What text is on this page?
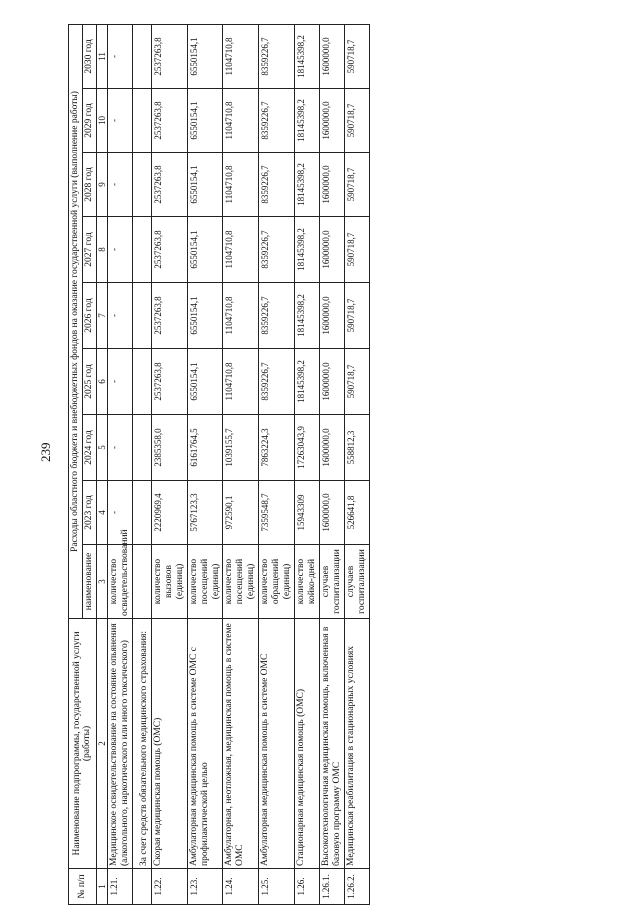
239
№ п/п	Наименование подпрограммы, государственной услуги (работы)	Расходы областного бюджета и внебюджетных фондов на оказание государственной услуги (выполнение работы)								
		наименование	2023 год	2024 год	2025 год	2026 год	2027 год	2028 год	2029 год	2030 год
1	2	3	4	5	6	7	8	9	10	11
1.21.	Медицинское освидетельствование на состояние опьянения (алкогольного, наркотического или иного токсического)	количество освидетельствований	-	-	-	-	-	-	-	-
	За счет средств обязательного медицинского страхования:									
1.22.	Скорая медицинская помощь (ОМС)	количество вызовов (единиц)	2220969,4	2385358,0	2537263,8	2537263,8	2537263,8	2537263,8	2537263,8	2537263,8
1.23.	Амбулаторная медицинская помощь в системе ОМС с профилактической целью	количество посещений (единиц)	5767123,3	6161764,5	6550154,1	6550154,1	6550154,1	6550154,1	6550154,1	6550154,1
1.24.	Амбулаторная, неотложная, медицинская помощь в системе ОМС	количество посещений (единиц)	972590,1	1039155,7	1104710,8	1104710,8	1104710,8	1104710,8	1104710,8	1104710,8
1.25.	Амбулаторная медицинская помощь в системе ОМС	количество обращений (единиц)	7359548,7	7863224,3	8359226,7	8359226,7	8359226,7	8359226,7	8359226,7	8359226,7
1.26.	Стационарная медицинская помощь (ОМС)	количество койко-дней	15943309	17263043,9	18145398,2	18145398,2	18145398,2	18145398,2	18145398,2	18145398,2
1.26.1.	Высокотехнологичная медицинская помощь, включенная в базовую программу ОМС	случаев госпитализации	1600000,0	1600000,0	1600000,0	1600000,0	1600000,0	1600000,0	1600000,0	1600000,0
1.26.2.	Медицинская реабилитация в стационарных условиях	случаев госпитализации	526641,8	558812,3	590718,7	590718,7	590718,7	590718,7	590718,7	590718,7
